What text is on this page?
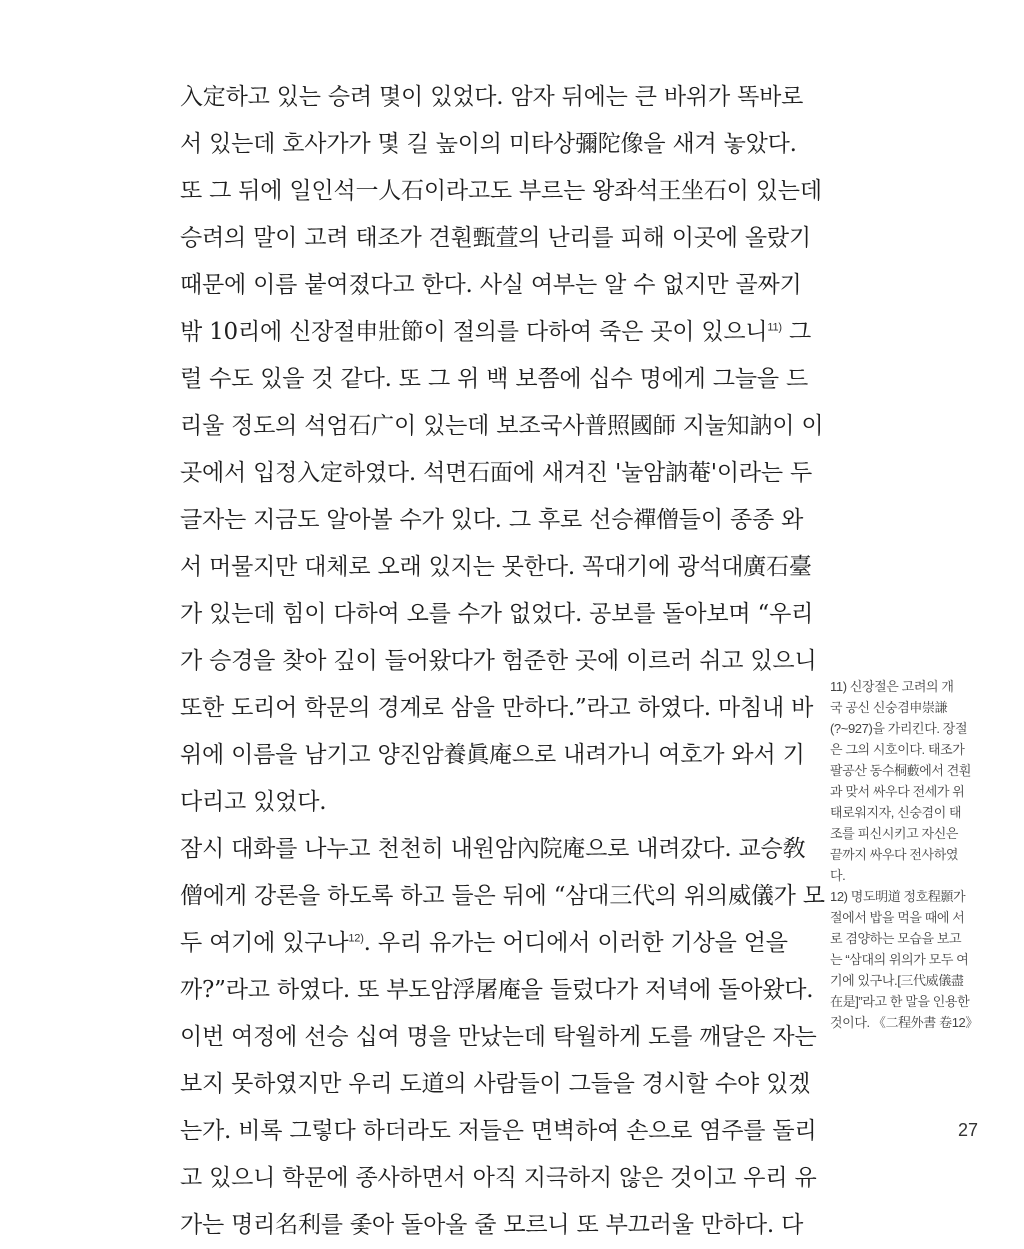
入定하고 있는 승려 몇이 있었다. 암자 뒤에는 큰 바위가 똑바로
서 있는데 호사가가 몇 길 높이의 미타상彌陀像을 새겨 놓았다.
또 그 뒤에 일인석一人石이라고도 부르는 왕좌석王坐石이 있는데
승려의 말이 고려 태조가 견훤甄萱의 난리를 피해 이곳에 올랐기
때문에 이름 붙여졌다고 한다. 사실 여부는 알 수 없지만 골짜기
밖 10리에 신장절申壯節이 절의를 다하여 죽은 곳이 있으니$^{11)}$ 그
럴 수도 있을 것 같다. 또 그 위 백 보쯤에 십수 명에게 그늘을 드
리울 정도의 석엄石广이 있는데 보조국사普照國師 지눌知訥이 이
곳에서 입정入定하였다. 석면石面에 새겨진 '눌암訥菴'이라는 두
글자는 지금도 알아볼 수가 있다. 그 후로 선승禪僧들이 종종 와
서 머물지만 대체로 오래 있지는 못한다. 꼭대기에 광석대廣石臺
가 있는데 힘이 다하여 오를 수가 없었다. 공보를 돌아보며 “우리
가 승경을 찾아 깊이 들어왔다가 험준한 곳에 이르러 쉬고 있으니
또한 도리어 학문의 경계로 삼을 만하다.”라고 하였다. 마침내 바
위에 이름을 남기고 양진암養眞庵으로 내려가니 여호가 와서 기
다리고 있었다.
잠시 대화를 나누고 천천히 내원암內院庵으로 내려갔다. 교승敎
僧에게 강론을 하도록 하고 들은 뒤에 “삼대三代의 위의威儀가 모
두 여기에 있구나$^{12)}$. 우리 유가는 어디에서 이러한 기상을 얻을
까?”라고 하였다. 또 부도암浮屠庵을 들렀다가 저녁에 돌아왔다.
이번 여정에 선승 십여 명을 만났는데 탁월하게 도를 깨달은 자는
보지 못하였지만 우리 도道의 사람들이 그들을 경시할 수야 있겠
는가. 비록 그렇다 하더라도 저들은 면벽하여 손으로 염주를 돌리
고 있으니 학문에 종사하면서 아직 지극하지 않은 것이고 우리 유
가는 명리名利를 좇아 돌아올 줄 모르니 또 부끄러울 만하다. 다
11) 신장절은 고려의 개
국 공신 신숭겸申崇謙
(?~927)을 가리킨다. 장절
은 그의 시호이다. 태조가
팔공산 동수桐藪에서 견훤
과 맞서 싸우다 전세가 위
태로워지자, 신숭겸이 태
조를 피신시키고 자신은
끝까지 싸우다 전사하였
다.
12) 명도明道 정호程顥가
절에서 밥을 먹을 때에 서
로 겸양하는 모습을 보고
는 “삼대의 위의가 모두 여
기에 있구나.[三代威儀盡
在是]”라고 한 말을 인용한
것이다. 《二程外書 卷12》
27
